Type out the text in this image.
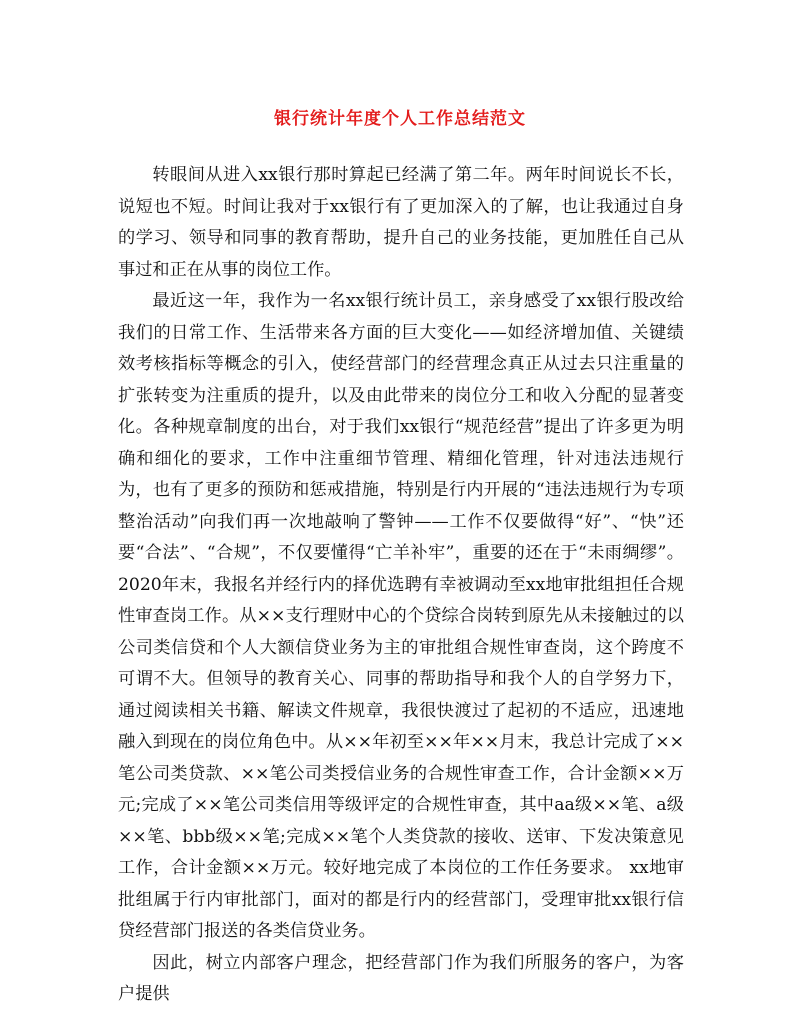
银行统计年度个人工作总结范文

转眼间从进入xx银行那时算起已经满了第二年。两年时间说长不长，说短也不短。时间让我对于xx银行有了更加深入的了解，也让我通过自身的学习、领导和同事的教育帮助，提升自己的业务技能，更加胜任自己从事过和正在从事的岗位工作。

最近这一年，我作为一名xx银行统计员工，亲身感受了xx银行股改给我们的日常工作、生活带来各方面的巨大变化——如经济增加值、关键绩效考核指标等概念的引入，使经营部门的经营理念真正从过去只注重量的扩张转变为注重质的提升，以及由此带来的岗位分工和收入分配的显著变化。各种规章制度的出台，对于我们xx银行“规范经营”提出了许多更为明确和细化的要求，工作中注重细节管理、精细化管理，针对违法违规行为，也有了更多的预防和惩戒措施，特别是行内开展的“违法违规行为专项整治活动”向我们再一次地敲响了警钟——工作不仅要做得“好”、“快”还要“合法”、“合规”，不仅要懂得“亡羊补牢”，重要的还在于“未雨绸缪”。 2020年末，我报名并经行内的择优选聘有幸被调动至xx地审批组担任合规性审查岗工作。从××支行理财中心的个贷综合岗转到原先从未接触过的以公司类信贷和个人大额信贷业务为主的审批组合规性审查岗，这个跨度不可谓不大。但领导的教育关心、同事的帮助指导和我个人的自学努力下，通过阅读相关书籍、解读文件规章，我很快渡过了起初的不适应，迅速地融入到现在的岗位角色中。从××年初至××年××月末，我总计完成了××笔公司类贷款、××笔公司类授信业务的合规性审查工作，合计金额××万元;完成了××笔公司类信用等级评定的合规性审查，其中aa级××笔、a级××笔、bbb级××笔;完成××笔个人类贷款的接收、送审、下发决策意见工作，合计金额××万元。较好地完成了本岗位的工作任务要求。 xx地审批组属于行内审批部门，面对的都是行内的经营部门，受理审批xx银行信贷经营部门报送的各类信贷业务。

因此，树立内部客户理念，把经营部门作为我们所服务的客户，为客户提供
